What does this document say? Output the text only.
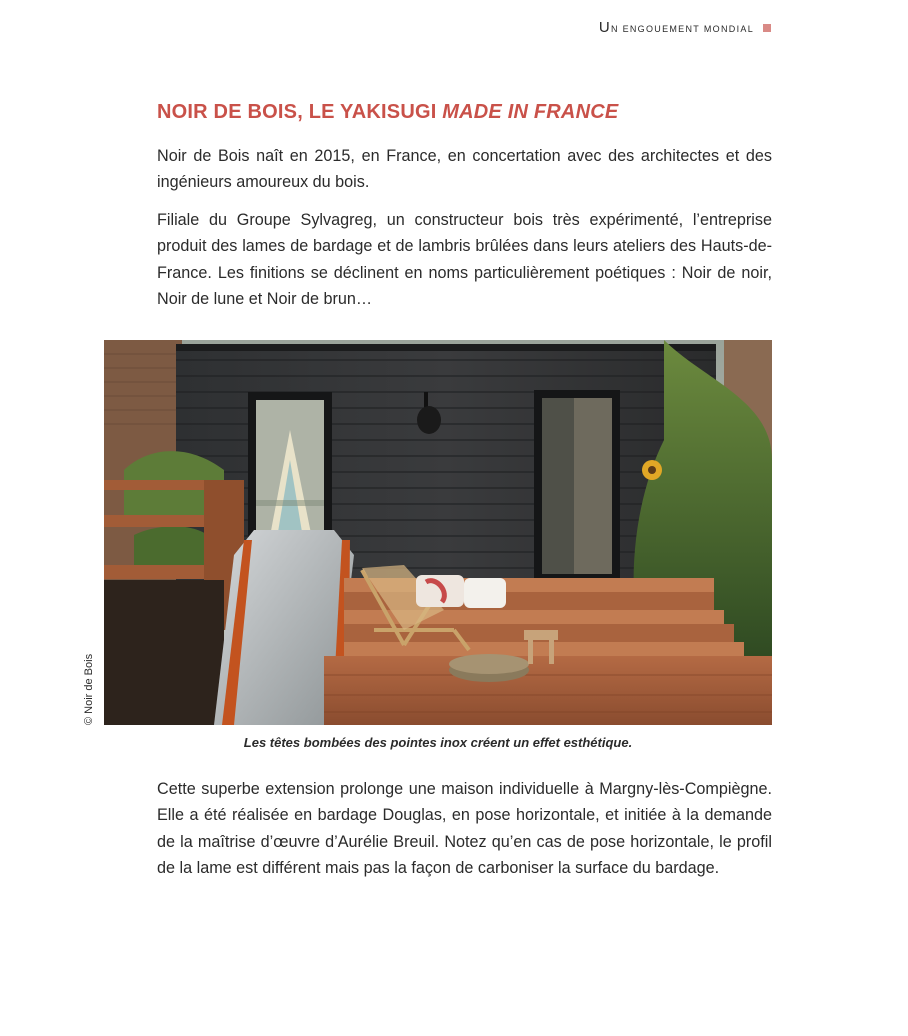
Un engouement mondial
NOIR DE BOIS, LE YAKISUGI MADE IN FRANCE

Noir de Bois naît en 2015, en France, en concertation avec des architectes et des ingénieurs amoureux du bois.

Filiale du Groupe Sylvagreg, un constructeur bois très expérimenté, l’entreprise produit des lames de bardage et de lambris brûlées dans leurs ateliers des Hauts-de-France. Les finitions se déclinent en noms particulièrement poétiques : Noir de noir, Noir de lune et Noir de brun…

© Noir de Bois

Les têtes bombées des pointes inox créent un effet esthétique.

Cette superbe extension prolonge une maison individuelle à Margny-lès-Compiègne. Elle a été réalisée en bardage Douglas, en pose horizontale, et initiée à la demande de la maîtrise d’œuvre d’Aurélie Breuil. Notez qu’en cas de pose horizontale, le profil de la lame est différent mais pas la façon de carboniser la surface du bardage.
